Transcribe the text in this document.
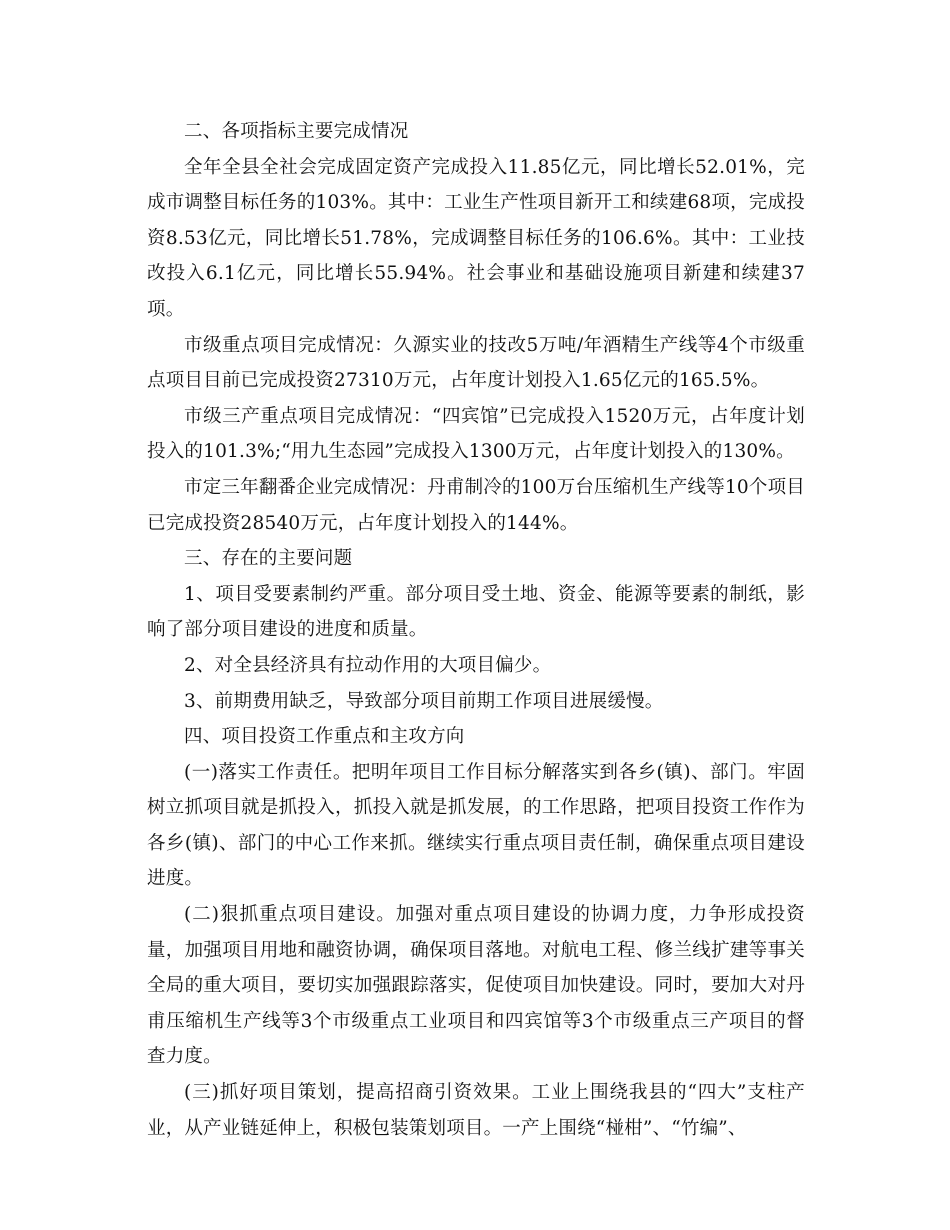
二、各项指标主要完成情况

全年全县全社会完成固定资产完成投入11.85亿元，同比增长52.01%，完成市调整目标任务的103%。其中：工业生产性项目新开工和续建68项，完成投资8.53亿元，同比增长51.78%，完成调整目标任务的106.6%。其中：工业技改投入6.1亿元，同比增长55.94%。社会事业和基础设施项目新建和续建37项。

市级重点项目完成情况：久源实业的技改5万吨/年酒精生产线等4个市级重点项目目前已完成投资27310万元，占年度计划投入1.65亿元的165.5%。

市级三产重点项目完成情况：“四宾馆”已完成投入1520万元，占年度计划投入的101.3%;“用九生态园”完成投入1300万元，占年度计划投入的130%。

市定三年翻番企业完成情况：丹甫制冷的100万台压缩机生产线等10个项目已完成投资28540万元，占年度计划投入的144%。

三、存在的主要问题

1、项目受要素制约严重。部分项目受土地、资金、能源等要素的制纸，影响了部分项目建设的进度和质量。

2、对全县经济具有拉动作用的大项目偏少。

3、前期费用缺乏，导致部分项目前期工作项目进展缓慢。

四、项目投资工作重点和主攻方向

(一)落实工作责任。把明年项目工作目标分解落实到各乡(镇)、部门。牢固树立抓项目就是抓投入，抓投入就是抓发展，的工作思路，把项目投资工作作为各乡(镇)、部门的中心工作来抓。继续实行重点项目责任制，确保重点项目建设进度。

(二)狠抓重点项目建设。加强对重点项目建设的协调力度，力争形成投资量，加强项目用地和融资协调，确保项目落地。对航电工程、修兰线扩建等事关全局的重大项目，要切实加强跟踪落实，促使项目加快建设。同时，要加大对丹甫压缩机生产线等3个市级重点工业项目和四宾馆等3个市级重点三产项目的督查力度。

(三)抓好项目策划，提高招商引资效果。工业上围绕我县的“四大”支柱产业，从产业链延伸上，积极包装策划项目。一产上围绕“椪柑”、“竹编”、
